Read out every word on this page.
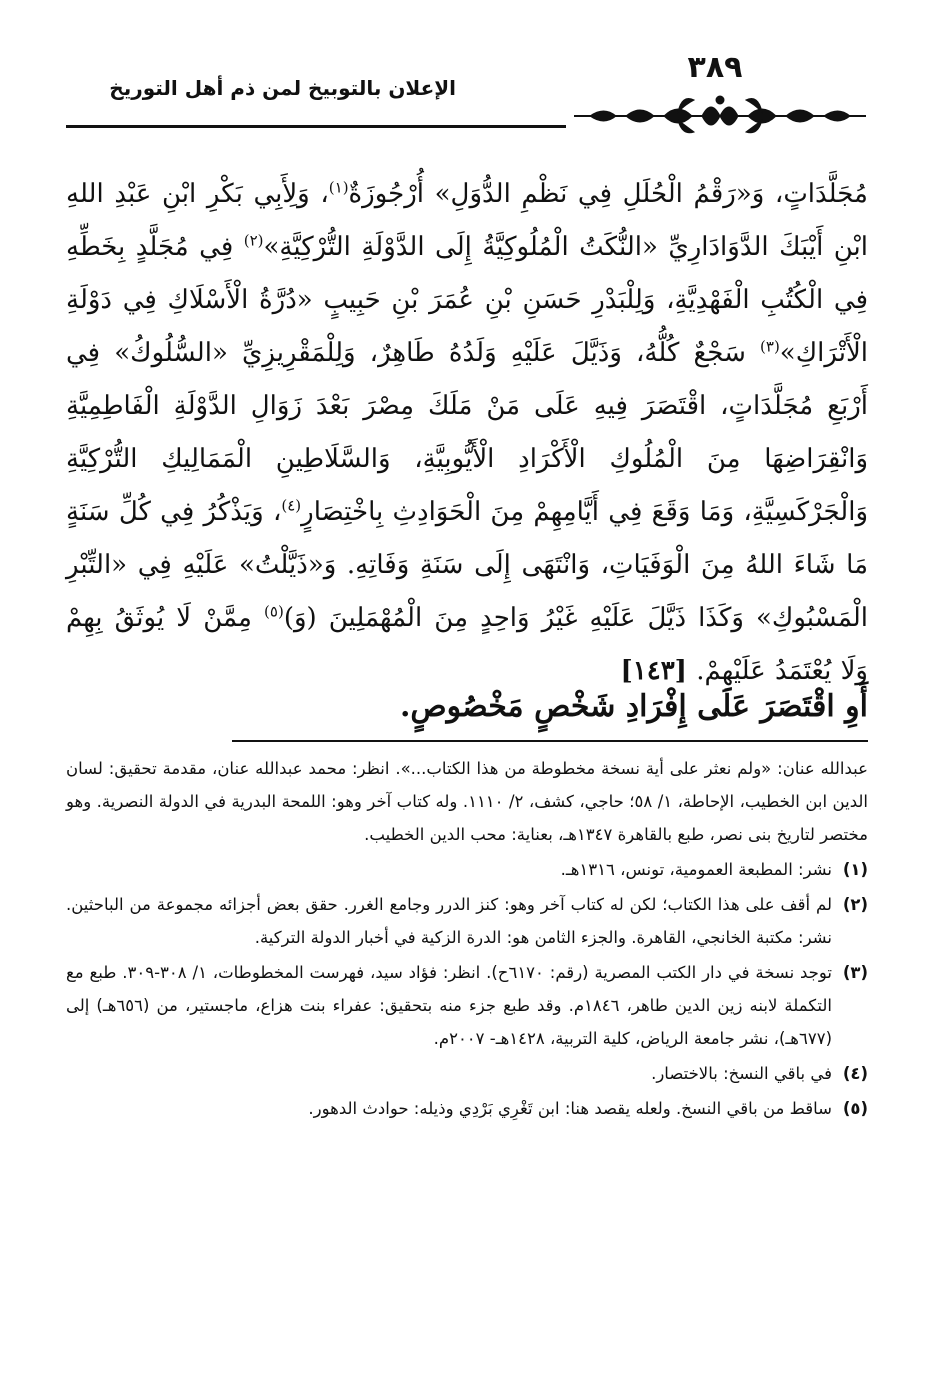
الإعلان بالتوبيخ لمن ذم أهل التوريخ
٣٨٩
مُجَلَّدَاتٍ، وَ«رَقْمُ الْحُلَلِ فِي نَظْمِ الدُّوَلِ» أُرْجُوزَةٌ$^{(١)}$، وَلِأَبِي بَكْرِ ابْنِ عَبْدِ اللهِ ابْنِ أَيْبَكَ الدَّوَادَارِيِّ «النُّكَتُ الْمُلُوكِيَّةُ إِلَى الدَّوْلَةِ التُّرْكِيَّةِ»$^{(٢)}$ فِي مُجَلَّدٍ بِخَطِّهِ فِي الْكُتُبِ الْفَهْدِيَّةِ، وَلِلْبَدْرِ حَسَنِ بْنِ عُمَرَ بْنِ حَبِيبٍ «دُرَّةُ الْأَسْلَاكِ فِي دَوْلَةِ الْأَتْرَاكِ»$^{(٣)}$ سَجْعٌ كُلُّهُ، وَذَيَّلَ عَلَيْهِ وَلَدُهُ طَاهِرٌ، وَلِلْمَقْرِيزِيِّ «السُّلُوكُ» فِي أَرْبَعِ مُجَلَّدَاتٍ، اقْتَصَرَ فِيهِ عَلَى مَنْ مَلَكَ مِصْرَ بَعْدَ زَوَالِ الدَّوْلَةِ الْفَاطِمِيَّةِ وَانْقِرَاضِهَا مِنَ الْمُلُوكِ الْأَكْرَادِ الْأَيُّوبِيَّةِ، وَالسَّلَاطِينِ الْمَمَالِيكِ التُّرْكِيَّةِ وَالْجَرْكَسِيَّةِ، وَمَا وَقَعَ فِي أَيَّامِهِمْ مِنَ الْحَوَادِثِ بِاخْتِصَارٍ$^{(٤)}$، وَيَذْكُرُ فِي كُلِّ سَنَةٍ مَا شَاءَ اللهُ مِنَ الْوَفَيَاتِ، وَانْتَهَى إِلَى سَنَةِ وَفَاتِهِ. وَ«ذَيَّلْتُ» عَلَيْهِ فِي «التِّبْرِ الْمَسْبُوكِ» وَكَذَا ذَيَّلَ عَلَيْهِ غَيْرُ وَاحِدٍ مِنَ الْمُهْمَلِينَ (وَ)$^{(٥)}$ مِمَّنْ لَا يُوثَقُ بِهِمْ وَلَا يُعْتَمَدُ عَلَيْهِمْ. [١٤٣]
أَوِ اقْتَصَرَ عَلَى إِفْرَادِ شَخْصٍ مَخْصُوصٍ.
عبدالله عنان: «ولم نعثر على أية نسخة مخطوطة من هذا الكتاب...». انظر: محمد عبدالله عنان، مقدمة تحقيق: لسان الدين ابن الخطيب، الإحاطة، ١/ ٥٨؛ حاجي، كشف، ٢/ ١١١٠. وله كتاب آخر وهو: اللمحة البدرية في الدولة النصرية. وهو مختصر لتاريخ بنى نصر، طبع بالقاهرة ١٣٤٧هـ، بعناية: محب الدين الخطيب.
(١)
نشر: المطبعة العمومية، تونس، ١٣١٦هـ.
(٢)
لم أقف على هذا الكتاب؛ لكن له كتاب آخر وهو: كنز الدرر وجامع الغرر. حقق بعض أجزائه مجموعة من الباحثين. نشر: مكتبة الخانجي، القاهرة. والجزء الثامن هو: الدرة الزكية في أخبار الدولة التركية.
(٣)
توجد نسخة في دار الكتب المصرية (رقم: ٦١٧٠ح). انظر: فؤاد سيد، فهرست المخطوطات، ١/ ٣٠٨-٣٠٩. طبع مع التكملة لابنه زين الدين طاهر، ١٨٤٦م. وقد طبع جزء منه بتحقيق: عفراء بنت هزاع، ماجستير، من (٦٥٦هـ) إلى (٦٧٧هـ)، نشر جامعة الرياض، كلية التربية، ١٤٢٨هـ- ٢٠٠٧م.
(٤)
في باقي النسخ: بالاختصار.
(٥)
ساقط من باقي النسخ. ولعله يقصد هنا: ابن تَغْرِي بَرْدِي وذيله: حوادث الدهور.
